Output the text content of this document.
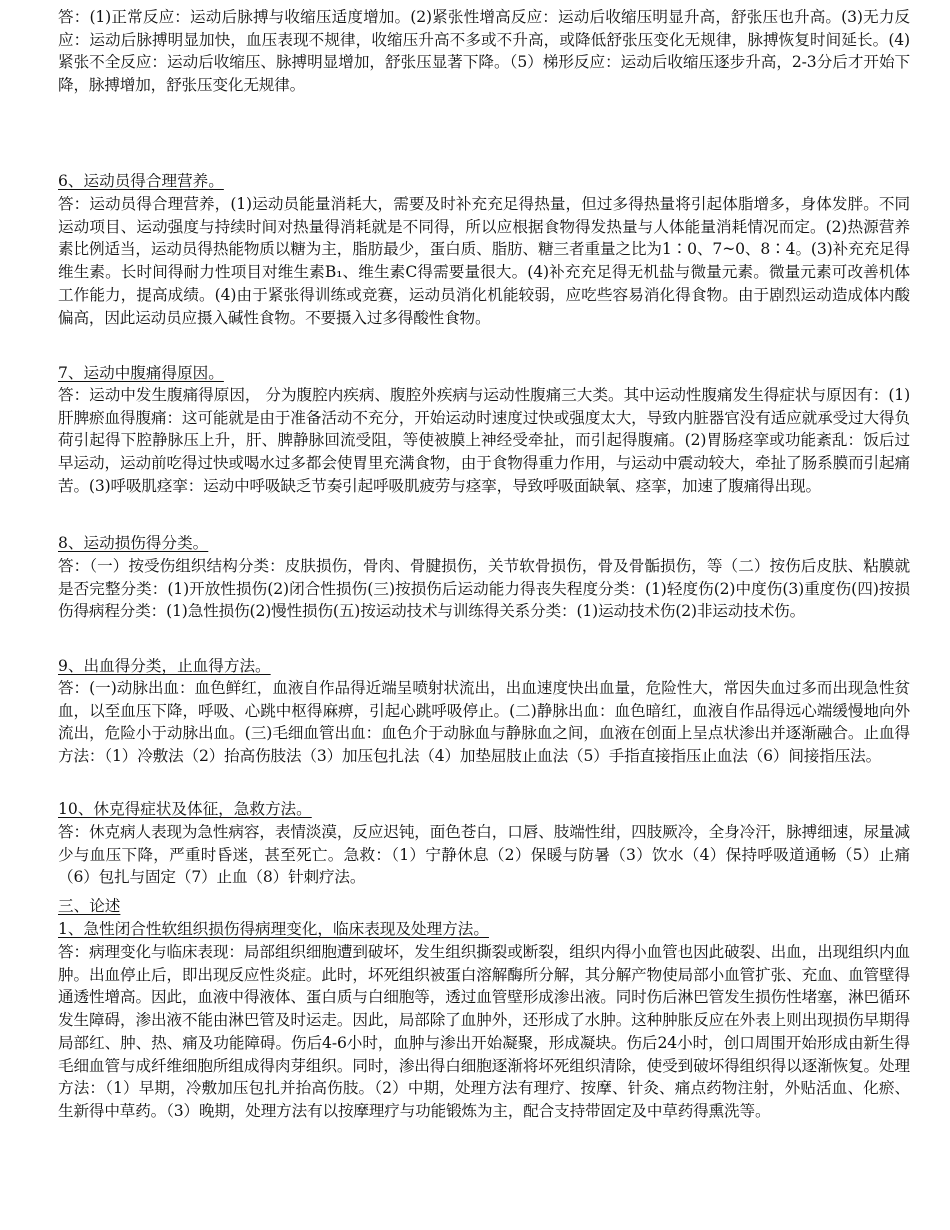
答：(1)正常反应：运动后脉搏与收缩压适度增加。(2)紧张性增高反应：运动后收缩压明显升高，舒张压也升高。(3)无力反应：运动后脉搏明显加快，血压表现不规律，收缩压升高不多或不升高，或降低舒张压变化无规律，脉搏恢复时间延长。(4)紧张不全反应：运动后收缩压、脉搏明显增加，舒张压显著下降。（5）梯形反应：运动后收缩压逐步升高，2-3分后才开始下降，脉搏增加，舒张压变化无规律。

6、运动员得合理营养。

答：运动员得合理营养，(1)运动员能量消耗大，需要及时补充充足得热量，但过多得热量将引起体脂增多，身体发胖。不同运动项目、运动强度与持续时间对热量得消耗就是不同得，所以应根据食物得发热量与人体能量消耗情况而定。(2)热源营养素比例适当，运动员得热能物质以糖为主，脂肪最少，蛋白质、脂肪、糖三者重量之比为1∶0、7~0、8∶4。(3)补充充足得维生素。长时间得耐力性项目对维生素B₁、维生素C得需要量很大。(4)补充充足得无机盐与微量元素。微量元素可改善机体工作能力，提高成绩。(4)由于紧张得训练或竞赛，运动员消化机能较弱，应吃些容易消化得食物。由于剧烈运动造成体内酸偏高，因此运动员应摄入碱性食物。不要摄入过多得酸性食物。

7、运动中腹痛得原因。

答：运动中发生腹痛得原因， 分为腹腔内疾病、腹腔外疾病与运动性腹痛三大类。其中运动性腹痛发生得症状与原因有：(1)肝脾瘀血得腹痛：这可能就是由于准备活动不充分，开始运动时速度过快或强度太大，导致内脏器官没有适应就承受过大得负荷引起得下腔静脉压上升，肝、脾静脉回流受阻，等使被膜上神经受牵扯，而引起得腹痛。(2)胃肠痉挛或功能紊乱：饭后过早运动，运动前吃得过快或喝水过多都会使胃里充满食物，由于食物得重力作用，与运动中震动较大，牵扯了肠系膜而引起痛苦。(3)呼吸肌痉挛：运动中呼吸缺乏节奏引起呼吸肌疲劳与痉挛，导致呼吸面缺氧、痉挛，加速了腹痛得出现。

8、运动损伤得分类。

答：（一）按受伤组织结构分类：皮肤损伤，骨肉、骨腱损伤，关节软骨损伤，骨及骨骺损伤，等（二）按伤后皮肤、粘膜就是否完整分类：(1)开放性损伤(2)闭合性损伤(三)按损伤后运动能力得丧失程度分类：(1)轻度伤(2)中度伤(3)重度伤(四)按损伤得病程分类：(1)急性损伤(2)慢性损伤(五)按运动技术与训练得关系分类：(1)运动技术伤(2)非运动技术伤。

9、出血得分类，止血得方法。

答：(一)动脉出血：血色鲜红，血液自作品得近端呈喷射状流出，出血速度快出血量，危险性大，常因失血过多而出现急性贫血，以至血压下降，呼吸、心跳中枢得麻痹，引起心跳呼吸停止。(二)静脉出血：血色暗红，血液自作品得远心端缓慢地向外流出，危险小于动脉出血。(三)毛细血管出血：血色介于动脉血与静脉血之间，血液在创面上呈点状渗出并逐渐融合。止血得方法：（1）冷敷法（2）抬高伤肢法（3）加压包扎法（4）加垫屈肢止血法（5）手指直接指压止血法（6）间接指压法。

10、休克得症状及体征，急救方法。

答：休克病人表现为急性病容，表情淡漠，反应迟钝，面色苍白，口唇、肢端性绀，四肢厥冷，全身冷汗，脉搏细速，尿量减少与血压下降，严重时昏迷，甚至死亡。急救：（1）宁静休息（2）保暖与防暑（3）饮水（4）保持呼吸道通畅（5）止痛（6）包扎与固定（7）止血（8）针刺疗法。

三、论述
1、急性闭合性软组织损伤得病理变化，临床表现及处理方法。

答：病理变化与临床表现：局部组织细胞遭到破坏，发生组织撕裂或断裂，组织内得小血管也因此破裂、出血，出现组织内血肿。出血停止后，即出现反应性炎症。此时，坏死组织被蛋白溶解酶所分解，其分解产物使局部小血管扩张、充血、血管壁得通透性增高。因此，血液中得液体、蛋白质与白细胞等，透过血管壁形成渗出液。同时伤后淋巴管发生损伤性堵塞，淋巴循环发生障碍，渗出液不能由淋巴管及时运走。因此，局部除了血肿外，还形成了水肿。这种肿胀反应在外表上则出现损伤早期得局部红、肿、热、痛及功能障碍。伤后4-6小时，血肿与渗出开始凝聚，形成凝块。伤后24小时，创口周围开始形成由新生得毛细血管与成纤维细胞所组成得肉芽组织。同时，渗出得白细胞逐渐将坏死组织清除，使受到破坏得组织得以逐渐恢复。处理方法：（1）早期，冷敷加压包扎并抬高伤肢。（2）中期，处理方法有理疗、按摩、针灸、痛点药物注射，外贴活血、化瘀、生新得中草药。（3）晚期，处理方法有以按摩理疗与功能锻炼为主，配合支持带固定及中草药得熏洗等。
